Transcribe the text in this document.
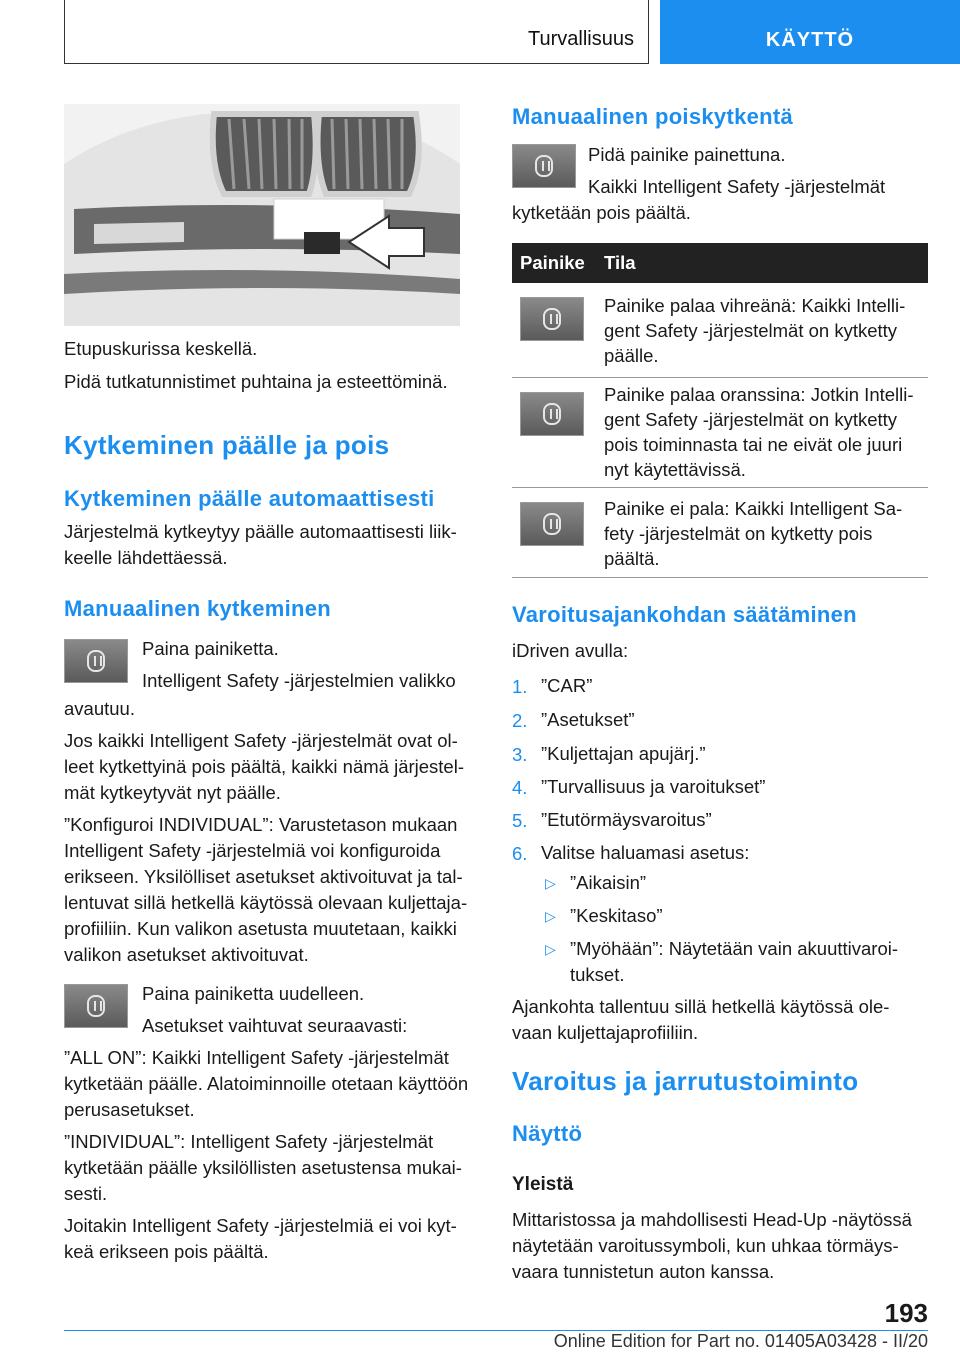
Turvallisuus	KÄYTTÖ
Etupuskurissa keskellä.
Pidä tutkatunnistimet puhtaina ja esteettöminä.
Kytkeminen päälle ja pois
Kytkeminen päälle automaattisesti
Järjestelmä kytkeytyy päälle automaattisesti liik-
keelle lähdettäessä.
Manuaalinen kytkeminen
Paina painiketta.
Intelligent Safety -järjestelmien valikko
avautuu.
Jos kaikki Intelligent Safety -järjestelmät ovat ol-
leet kytkettyinä pois päältä, kaikki nämä järjestel-
mät kytkeytyvät nyt päälle.
”Konfiguroi INDIVIDUAL”: Varustetason mukaan
Intelligent Safety -järjestelmiä voi konfiguroida
erikseen. Yksilölliset asetukset aktivoituvat ja tal-
lentuvat sillä hetkellä käytössä olevaan kuljettaja-
profiiliin. Kun valikon asetusta muutetaan, kaikki
valikon asetukset aktivoituvat.
Paina painiketta uudelleen.
Asetukset vaihtuvat seuraavasti:
”ALL ON”: Kaikki Intelligent Safety -järjestelmät
kytketään päälle. Alatoiminnoille otetaan käyttöön
perusasetukset.
”INDIVIDUAL”: Intelligent Safety -järjestelmät
kytketään päälle yksilöllisten asetustensa mukai-
sesti.
Joitakin Intelligent Safety -järjestelmiä ei voi kyt-
keä erikseen pois päältä.
Manuaalinen poiskytkentä
Pidä painike painettuna.
Kaikki Intelligent Safety -järjestelmät
kytketään pois päältä.
Painike Tila
Painike palaa vihreänä: Kaikki Intelli-
gent Safety -järjestelmät on kytketty
päälle.
Painike palaa oranssina: Jotkin Intelli-
gent Safety -järjestelmät on kytketty
pois toiminnasta tai ne eivät ole juuri
nyt käytettävissä.
Painike ei pala: Kaikki Intelligent Sa-
fety -järjestelmät on kytketty pois
päältä.
Varoitusajankohdan säätäminen
iDriven avulla:
1. ”CAR”
2. ”Asetukset”
3. ”Kuljettajan apujärj.”
4. ”Turvallisuus ja varoitukset”
5. ”Etutörmäysvaroitus”
6. Valitse haluamasi asetus:
▷ ”Aikaisin”
▷ ”Keskitaso”
▷ ”Myöhään”: Näytetään vain akuuttivaroi-
tukset.
Ajankohta tallentuu sillä hetkellä käytössä ole-
vaan kuljettajaprofiiliin.
Varoitus ja jarrutustoiminto
Näyttö
Yleistä
Mittaristossa ja mahdollisesti Head-Up -näytössä
näytetään varoitussymboli, kun uhkaa törmäys-
vaara tunnistetun auton kanssa.
193
Online Edition for Part no. 01405A03428 - II/20
